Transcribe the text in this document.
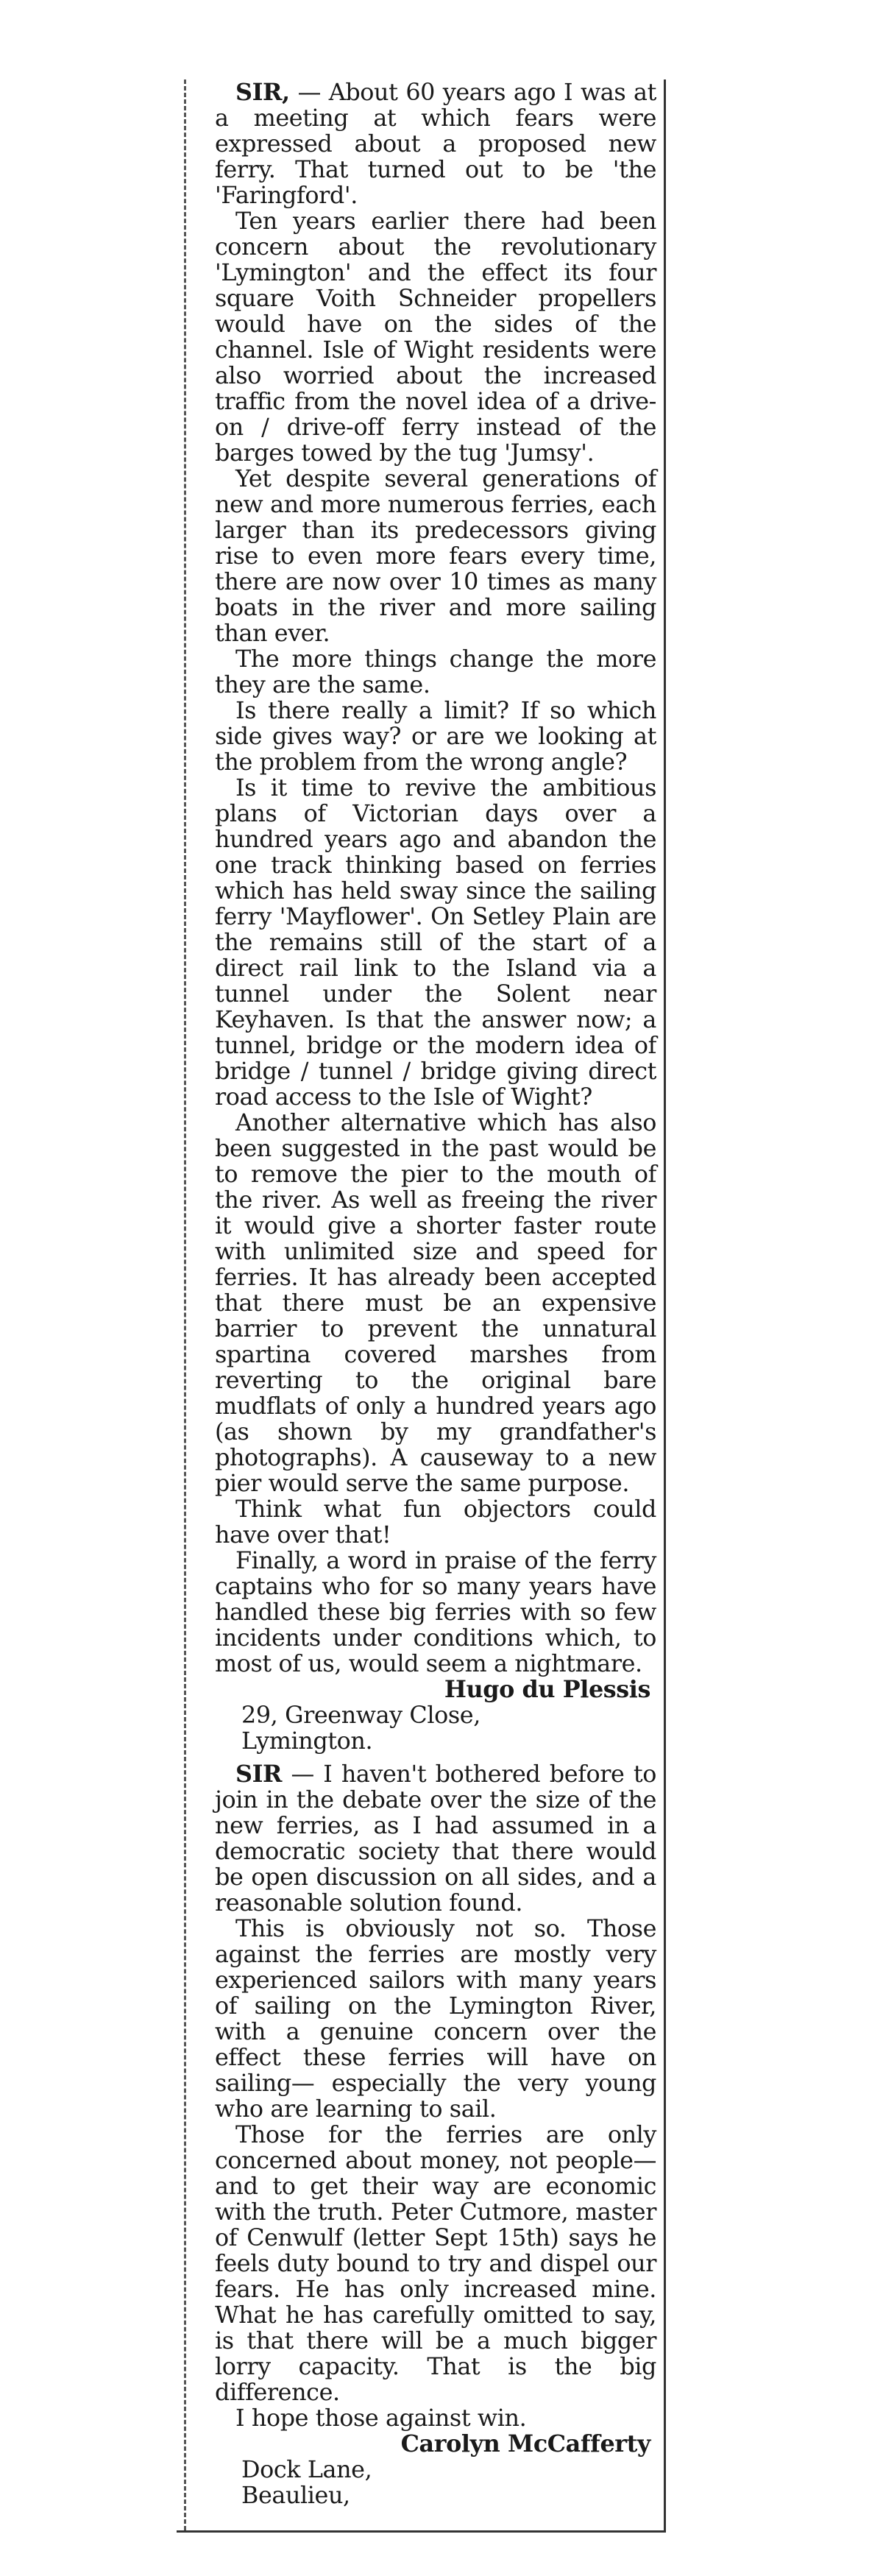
SIR, — About 60 years ago I was at a meeting at which fears were expressed about a proposed new ferry. That turned out to be 'the 'Faringford'.

Ten years earlier there had been concern about the revolutionary 'Lymington' and the effect its four square Voith Schneider propellers would have on the sides of the channel. Isle of Wight residents were also worried about the increased traffic from the novel idea of a drive-on / drive-off ferry instead of the barges towed by the tug 'Jumsy'.

Yet despite several generations of new and more numerous ferries, each larger than its predecessors giving rise to even more fears every time, there are now over 10 times as many boats in the river and more sailing than ever.

The more things change the more they are the same.

Is there really a limit? If so which side gives way? or are we looking at the problem from the wrong angle?

Is it time to revive the ambitious plans of Victorian days over a hundred years ago and abandon the one track thinking based on ferries which has held sway since the sailing ferry 'Mayflower'. On Setley Plain are the remains still of the start of a direct rail link to the Island via a tunnel under the Solent near Keyhaven. Is that the answer now; a tunnel, bridge or the modern idea of bridge / tunnel / bridge giving direct road access to the Isle of Wight?

Another alternative which has also been suggested in the past would be to remove the pier to the mouth of the river. As well as freeing the river it would give a shorter faster route with unlimited size and speed for ferries. It has already been accepted that there must be an expensive barrier to prevent the unnatural spartina covered marshes from reverting to the original bare mudflats of only a hundred years ago (as shown by my grandfather's photographs). A causeway to a new pier would serve the same purpose.

Think what fun objectors could have over that!

Finally, a word in praise of the ferry captains who for so many years have handled these big ferries with so few incidents under conditions which, to most of us, would seem a nightmare.

Hugo du Plessis

29, Greenway Close,

Lymington.

SIR — I haven't bothered before to join in the debate over the size of the new ferries, as I had assumed in a democratic society that there would be open discussion on all sides, and a reasonable solution found.

This is obviously not so. Those against the ferries are mostly very experienced sailors with many years of sailing on the Lymington River, with a genuine concern over the effect these ferries will have on sailing— especially the very young who are learning to sail.

Those for the ferries are only concerned about money, not people— and to get their way are economic with the truth. Peter Cutmore, master of Cenwulf (letter Sept 15th) says he feels duty bound to try and dispel our fears. He has only increased mine. What he has carefully omitted to say, is that there will be a much bigger lorry capacity. That is the big difference.

I hope those against win.

Carolyn McCafferty

Dock Lane,

Beaulieu,
